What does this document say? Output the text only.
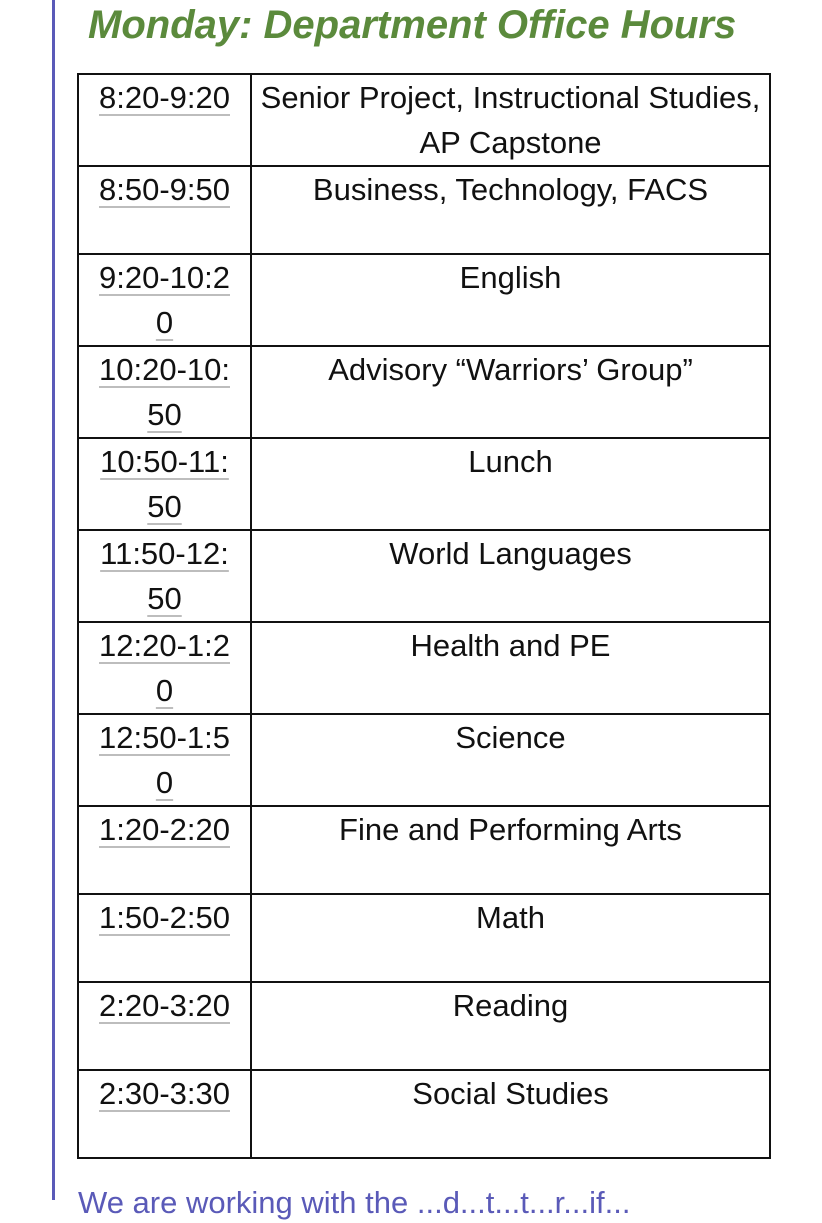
Monday: Department Office Hours
8:20-9:20	Senior Project, Instructional Studies, AP Capstone
8:50-9:50	Business, Technology, FACS
9:20-10:20	English
10:20-10:50	Advisory “Warriors’ Group”
10:50-11:50	Lunch
11:50-12:50	World Languages
12:20-1:20	Health and PE
12:50-1:50	Science
1:20-2:20	Fine and Performing Arts
1:50-2:50	Math
2:20-3:20	Reading
2:30-3:30	Social Studies
We are working with the ...d...t...t...r...if...
